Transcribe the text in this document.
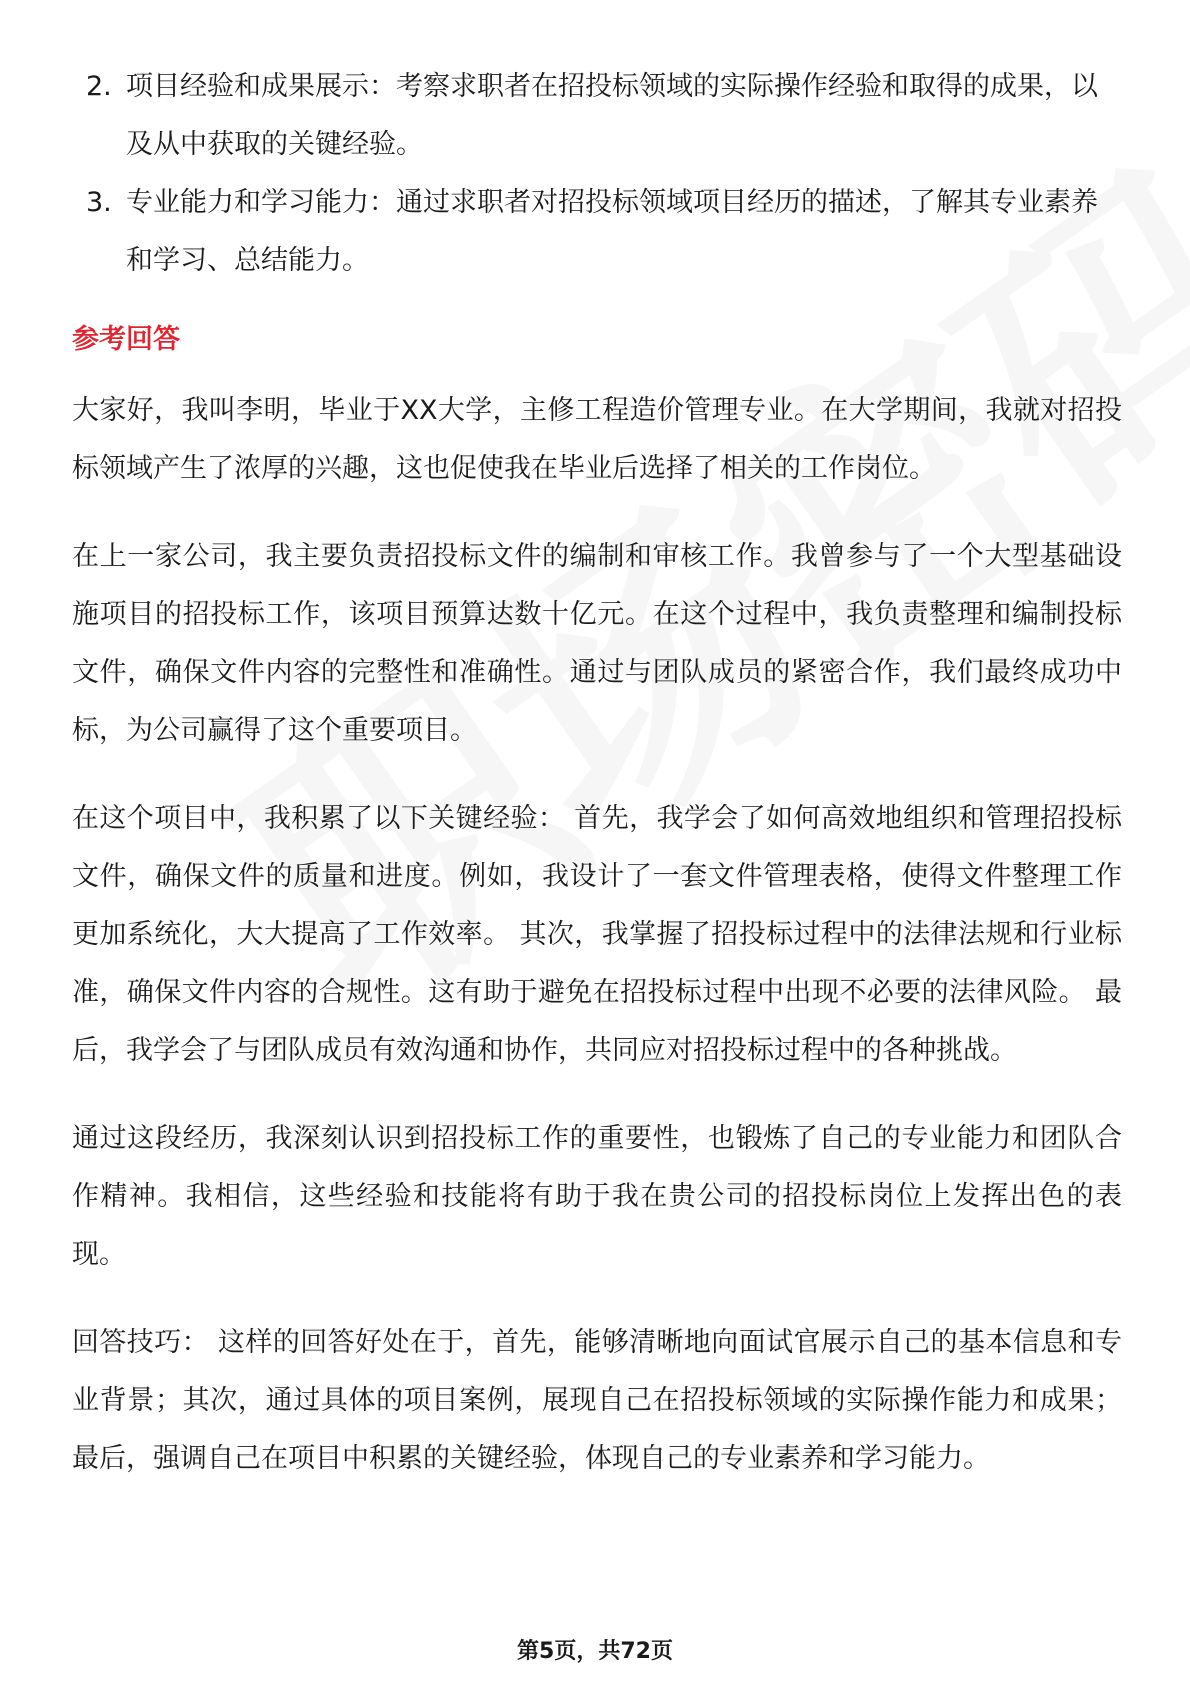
2. 项目经验和成果展示：考察求职者在招投标领域的实际操作经验和取得的成果，以及从中获取的关键经验。
3. 专业能力和学习能力：通过求职者对招投标领域项目经历的描述，了解其专业素养和学习、总结能力。
参考回答

大家好，我叫李明，毕业于XX大学，主修工程造价管理专业。在大学期间，我就对招投标领域产生了浓厚的兴趣，这也促使我在毕业后选择了相关的工作岗位。

在上一家公司，我主要负责招投标文件的编制和审核工作。我曾参与了一个大型基础设施项目的招投标工作，该项目预算达数十亿元。在这个过程中，我负责整理和编制投标文件，确保文件内容的完整性和准确性。通过与团队成员的紧密合作，我们最终成功中标，为公司赢得了这个重要项目。

在这个项目中，我积累了以下关键经验： 首先，我学会了如何高效地组织和管理招投标文件，确保文件的质量和进度。例如，我设计了一套文件管理表格，使得文件整理工作更加系统化，大大提高了工作效率。 其次，我掌握了招投标过程中的法律法规和行业标准，确保文件内容的合规性。这有助于避免在招投标过程中出现不必要的法律风险。 最后，我学会了与团队成员有效沟通和协作，共同应对招投标过程中的各种挑战。

通过这段经历，我深刻认识到招投标工作的重要性，也锻炼了自己的专业能力和团队合作精神。我相信，这些经验和技能将有助于我在贵公司的招投标岗位上发挥出色的表现。

回答技巧： 这样的回答好处在于，首先，能够清晰地向面试官展示自己的基本信息和专业背景；其次，通过具体的项目案例，展现自己在招投标领域的实际操作能力和成果；最后，强调自己在项目中积累的关键经验，体现自己的专业素养和学习能力。

第5页，共72页
